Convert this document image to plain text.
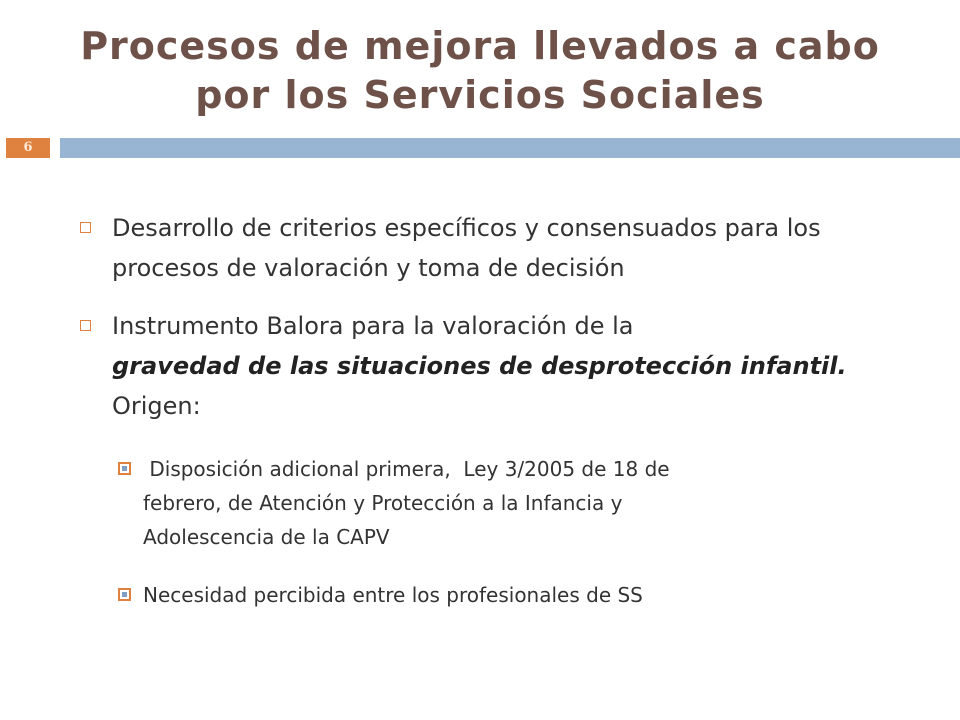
Procesos de mejora llevados a cabo
por los Servicios Sociales
6
Desarrollo de criterios específicos y consensuados para los procesos de valoración y toma de decisión
Instrumento Balora para la valoración de la
gravedad de las situaciones de desprotección infantil.
Origen:
Disposición adicional primera,  Ley 3/2005 de 18 de
febrero, de Atención y Protección a la Infancia y
Adolescencia de la CAPV
Necesidad percibida entre los profesionales de SS
